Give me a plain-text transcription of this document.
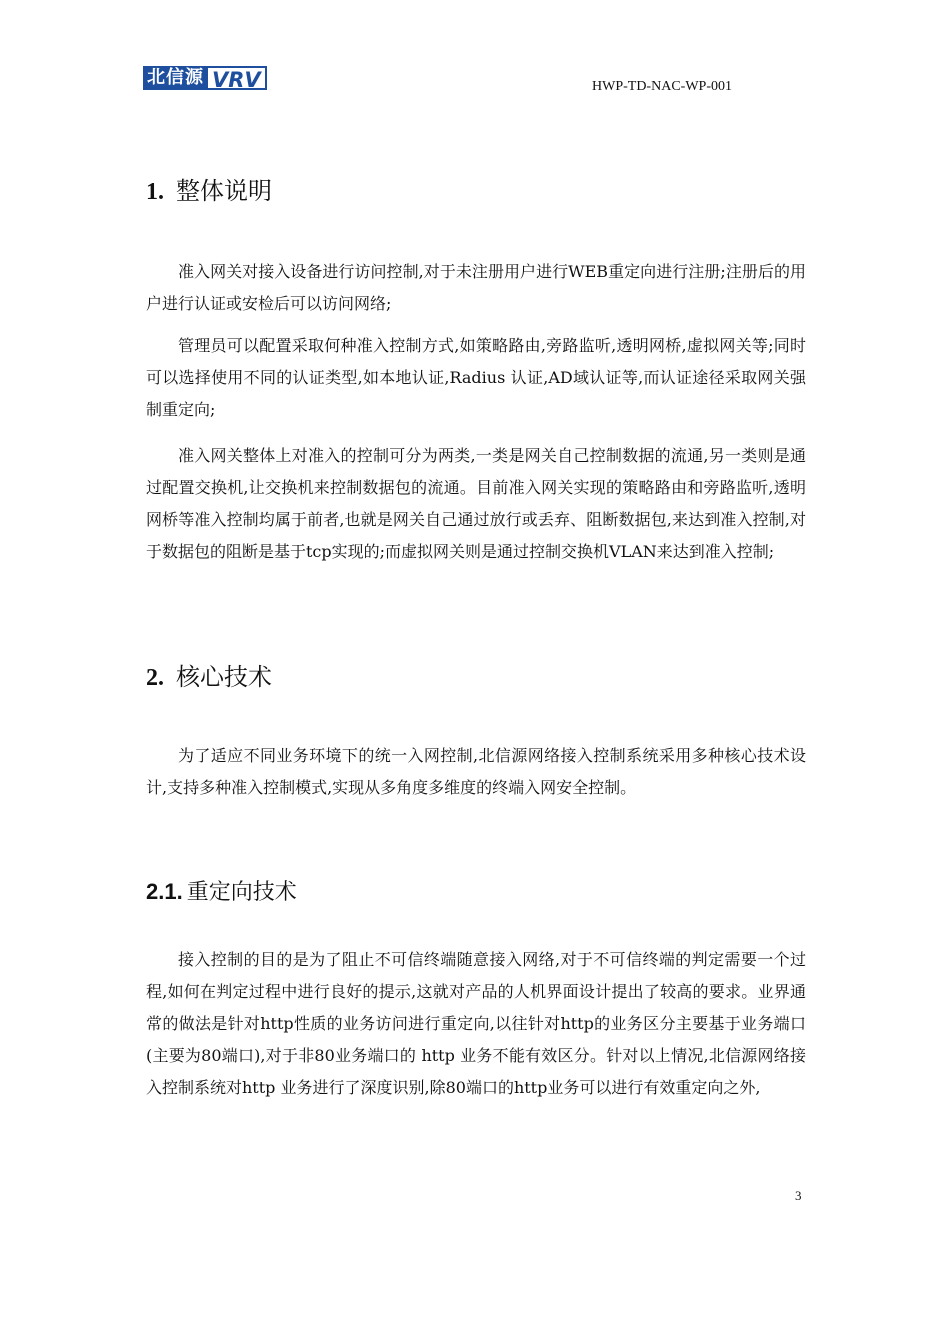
北信源 VRV	HWP-TD-NAC-WP-001
1. 整体说明

准入网关对接入设备进行访问控制,对于未注册用户进行WEB重定向进行注册;注册后的用户进行认证或安检后可以访问网络;

管理员可以配置采取何种准入控制方式,如策略路由,旁路监听,透明网桥,虚拟网关等;同时可以选择使用不同的认证类型,如本地认证,Radius 认证,AD域认证等,而认证途径采取网关强制重定向;

准入网关整体上对准入的控制可分为两类,一类是网关自己控制数据的流通,另一类则是通过配置交换机,让交换机来控制数据包的流通。目前准入网关实现的策略路由和旁路监听,透明网桥等准入控制均属于前者,也就是网关自己通过放行或丢弃、阻断数据包,来达到准入控制,对于数据包的阻断是基于tcp实现的;而虚拟网关则是通过控制交换机VLAN来达到准入控制;

2. 核心技术

为了适应不同业务环境下的统一入网控制,北信源网络接入控制系统采用多种核心技术设计,支持多种准入控制模式,实现从多角度多维度的终端入网安全控制。

2.1. 重定向技术

接入控制的目的是为了阻止不可信终端随意接入网络,对于不可信终端的判定需要一个过程,如何在判定过程中进行良好的提示,这就对产品的人机界面设计提出了较高的要求。业界通常的做法是针对http性质的业务访问进行重定向,以往针对http的业务区分主要基于业务端口(主要为80端口),对于非80业务端口的 http 业务不能有效区分。针对以上情况,北信源网络接入控制系统对http 业务进行了深度识别,除80端口的http业务可以进行有效重定向之外,

3
